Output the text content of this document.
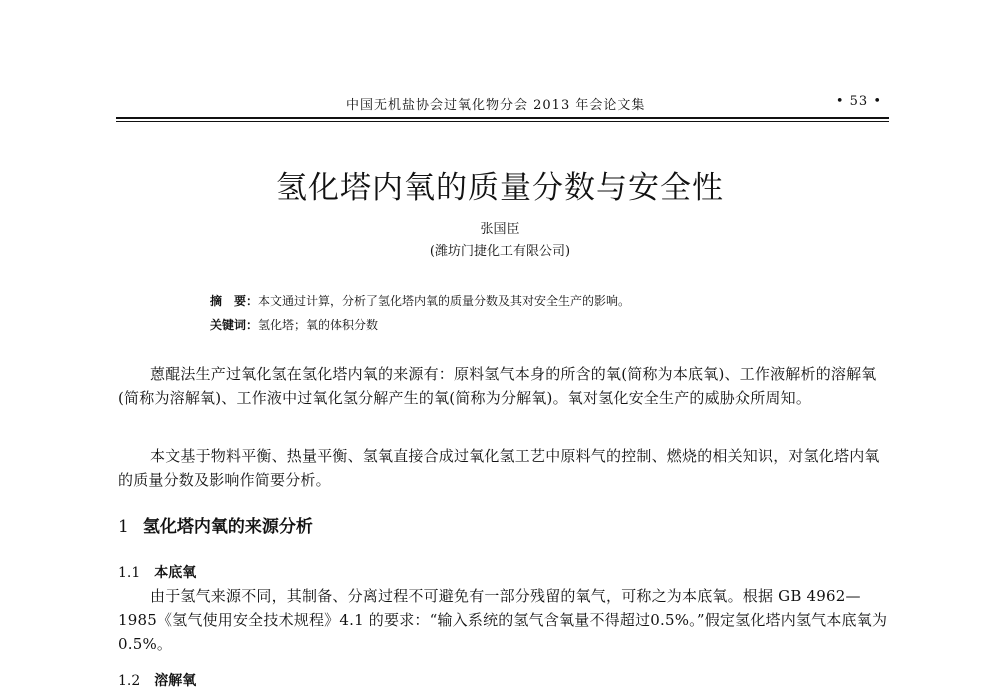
中国无机盐协会过氧化物分会 2013 年会论文集	• 53 •
氢化塔内氧的质量分数与安全性
张国臣
(潍坊门捷化工有限公司)
摘　要：本文通过计算，分析了氢化塔内氧的质量分数及其对安全生产的影响。
关键词：氢化塔；氧的体积分数

蒽醌法生产过氧化氢在氢化塔内氧的来源有：原料氢气本身的所含的氧(简称为本底氧)、工作液解析的溶解氧(简称为溶解氧)、工作液中过氧化氢分解产生的氧(简称为分解氧)。氧对氢化安全生产的威胁众所周知。

本文基于物料平衡、热量平衡、氢氧直接合成过氧化氢工艺中原料气的控制、燃烧的相关知识，对氢化塔内氧的质量分数及影响作简要分析。

1 氢化塔内氧的来源分析
1.1 本底氧

由于氢气来源不同，其制备、分离过程不可避免有一部分残留的氧气，可称之为本底氧。根据 GB 4962—1985《氢气使用安全技术规程》4.1 的要求：“输入系统的氢气含氧量不得超过0.5%。”假定氢化塔内氢气本底氧为 0.5%。

1.2 溶解氧
